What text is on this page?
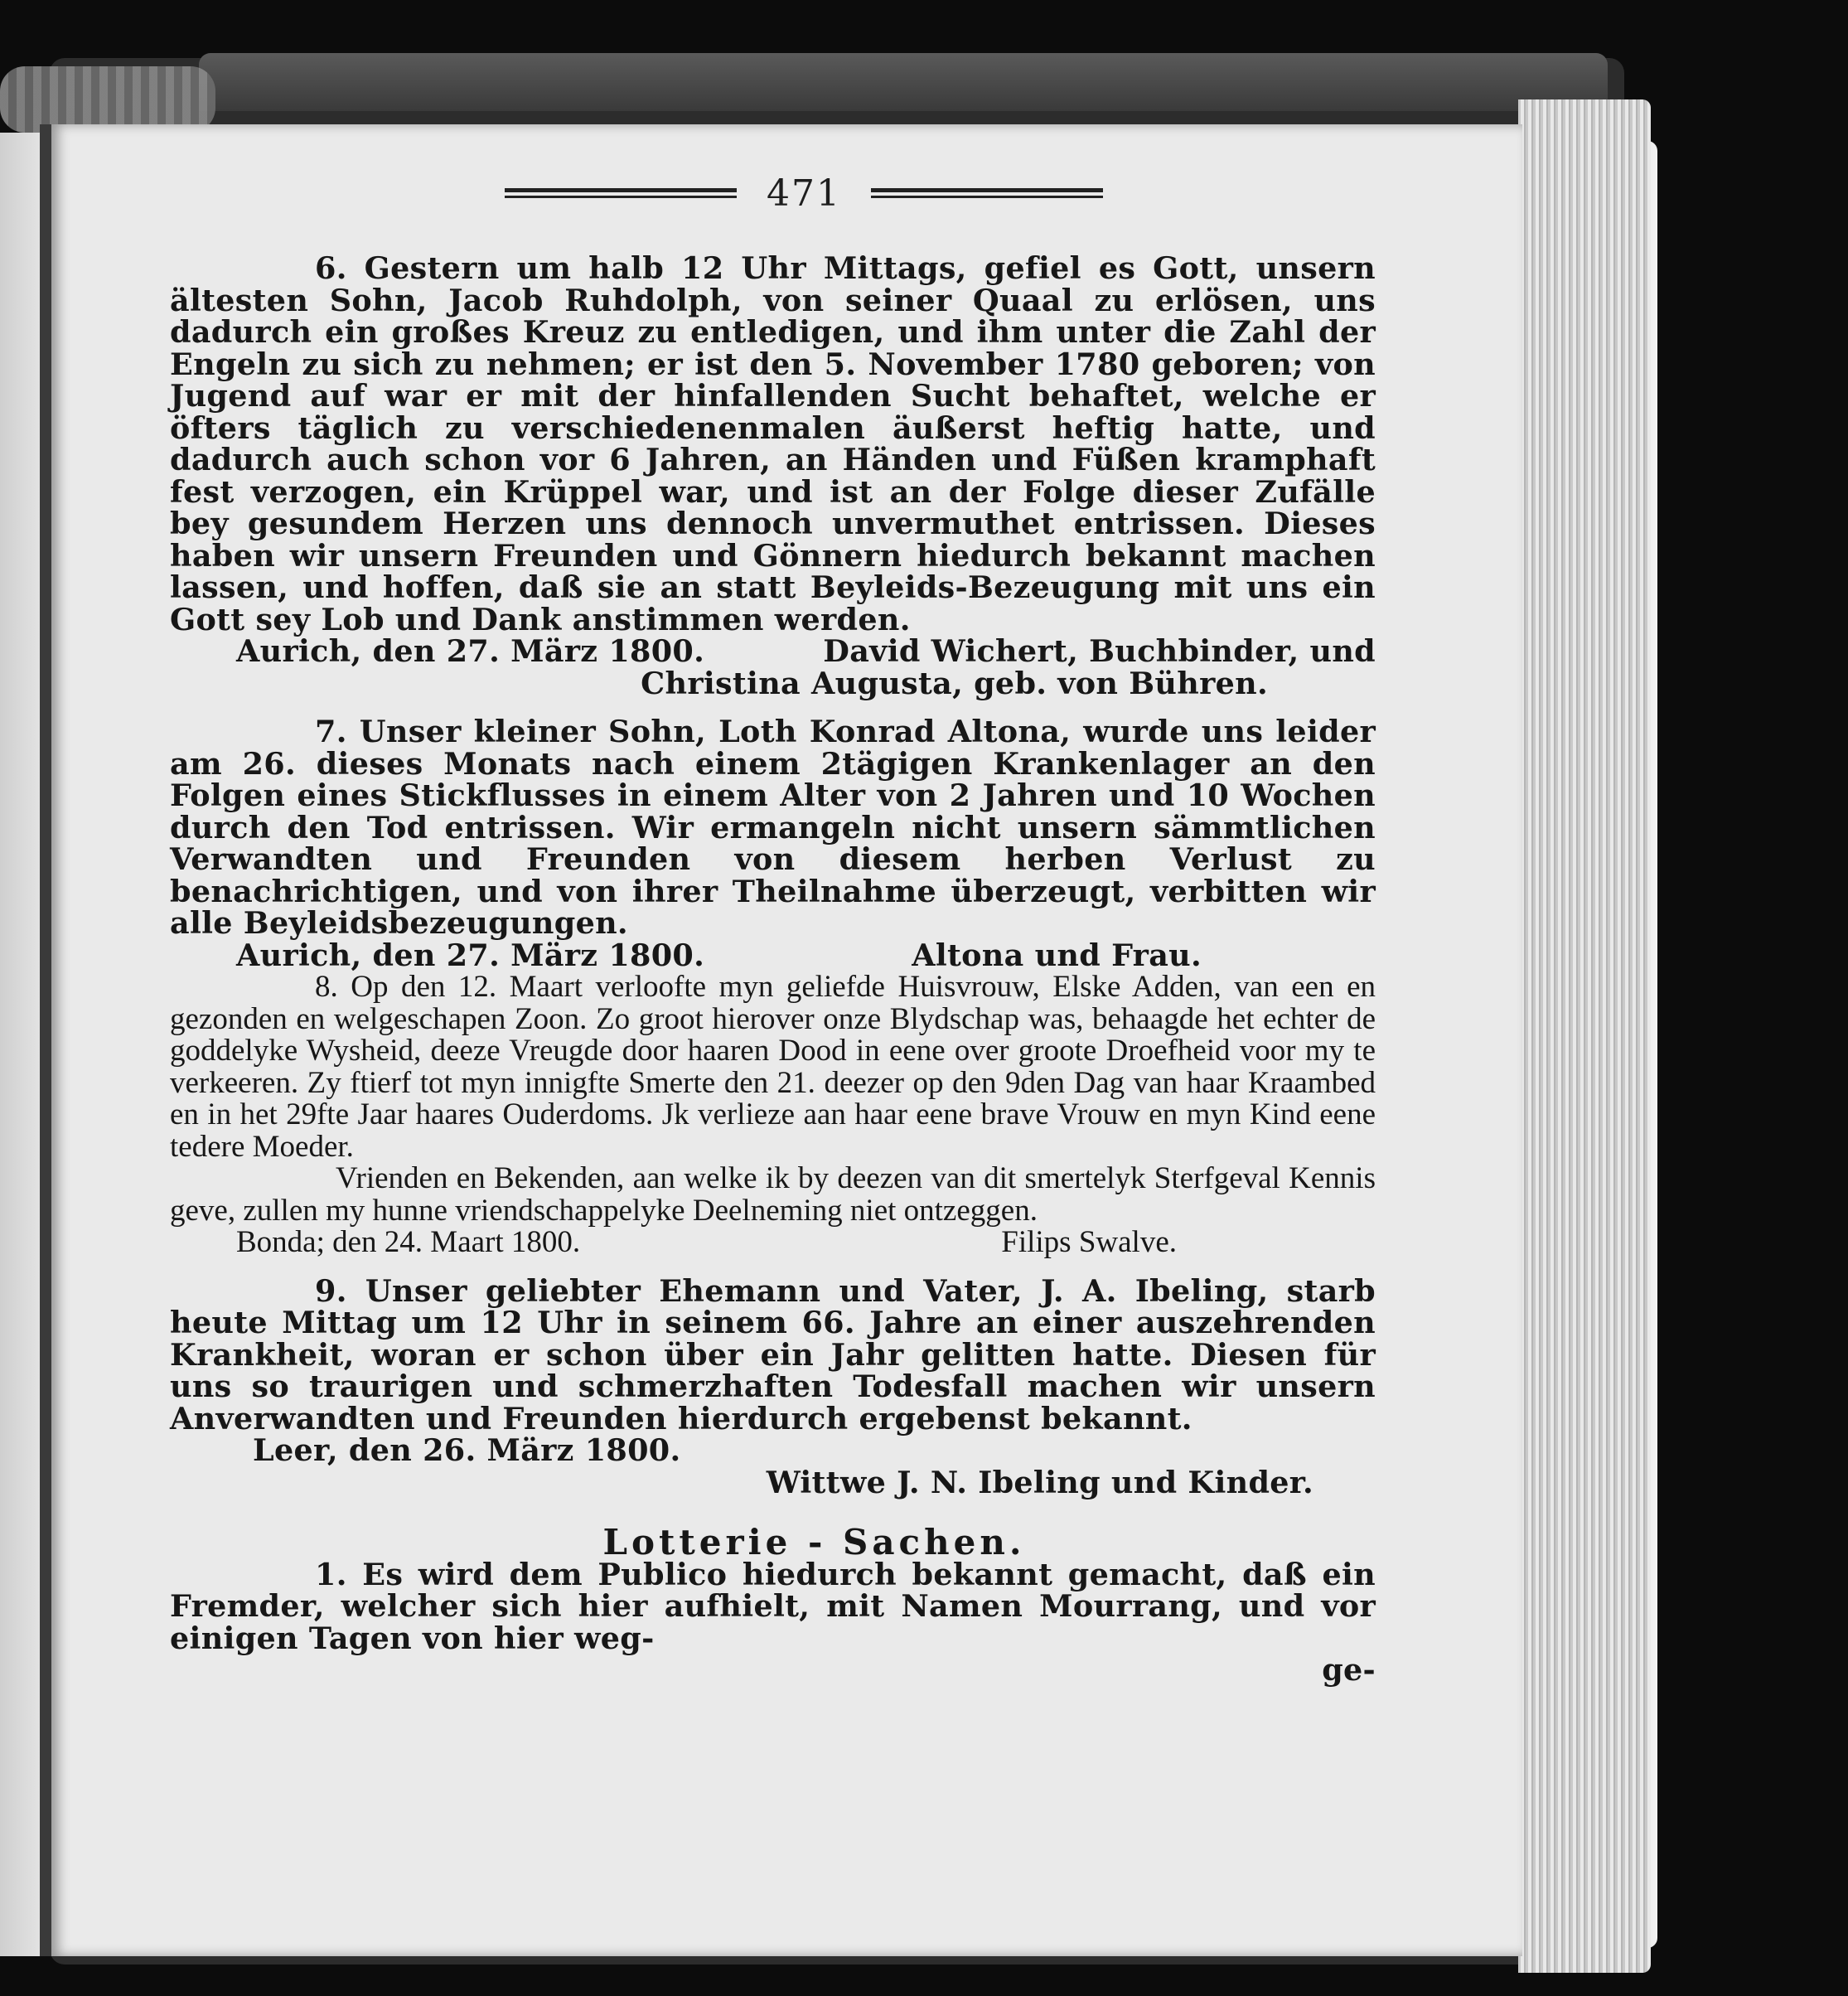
471

6. Gestern um halb 12 Uhr Mittags, gefiel es Gott, unsern ältesten Sohn, Jacob Ruhdolph, von seiner Quaal zu erlösen, uns dadurch ein großes Kreuz zu entledigen, und ihm unter die Zahl der Engeln zu sich zu nehmen; er ist den 5. November 1780 geboren; von Jugend auf war er mit der hinfallenden Sucht behaftet, welche er öfters täglich zu verschiedenenmalen äußerst heftig hatte, und dadurch auch schon vor 6 Jahren, an Händen und Füßen kramphaft fest verzogen, ein Krüppel war, und ist an der Folge dieser Zufälle bey gesundem Herzen uns dennoch unvermuthet entrissen. Dieses haben wir unsern Freunden und Gönnern hiedurch bekannt machen lassen, und hoffen, daß sie an statt Beyleids-Bezeugung mit uns ein Gott sey Lob und Dank anstimmen werden.

Aurich, den 27. März 1800.	David Wichert, Buchbinder, und

Christina Augusta, geb. von Bühren.

7. Unser kleiner Sohn, Loth Konrad Altona, wurde uns leider am 26. dieses Monats nach einem 2tägigen Krankenlager an den Folgen eines Stickflusses in einem Alter von 2 Jahren und 10 Wochen durch den Tod entrissen. Wir ermangeln nicht unsern sämmtlichen Verwandten und Freunden von diesem herben Verlust zu benachrichtigen, und von ihrer Theilnahme überzeugt, verbitten wir alle Beyleidsbezeugungen.

Aurich, den 27. März 1800.	Altona und Frau.

8. Op den 12. Maart verloofte myn geliefde Huisvrouw, Elske Adden, van een en gezonden en welgeschapen Zoon. Zo groot hierover onze Blydschap was, behaagde het echter de goddelyke Wysheid, deeze Vreugde door haaren Dood in eene over groote Droefheid voor my te verkeeren. Zy ftierf tot myn innigfte Smerte den 21. deezer op den 9den Dag van haar Kraambed en in het 29fte Jaar haares Ouderdoms. Jk verlieze aan haar eene brave Vrouw en myn Kind eene tedere Moeder.

Vrienden en Bekenden, aan welke ik by deezen van dit smertelyk Sterfgeval Kennis geve, zullen my hunne vriendschappelyke Deelneming niet ontzeggen.

Bonda; den 24. Maart 1800.	Filips Swalve.

9. Unser geliebter Ehemann und Vater, J. A. Ibeling, starb heute Mittag um 12 Uhr in seinem 66. Jahre an einer auszehrenden Krankheit, woran er schon über ein Jahr gelitten hatte. Diesen für uns so traurigen und schmerzhaften Todesfall machen wir unsern Anverwandten und Freunden hierdurch ergebenst bekannt.

Leer, den 26. März 1800.

Wittwe J. N. Ibeling und Kinder.

Lotterie - Sachen.

1. Es wird dem Publico hiedurch bekannt gemacht, daß ein Fremder, welcher sich hier aufhielt, mit Namen Mourrang, und vor einigen Tagen von hier weg-

ge-
